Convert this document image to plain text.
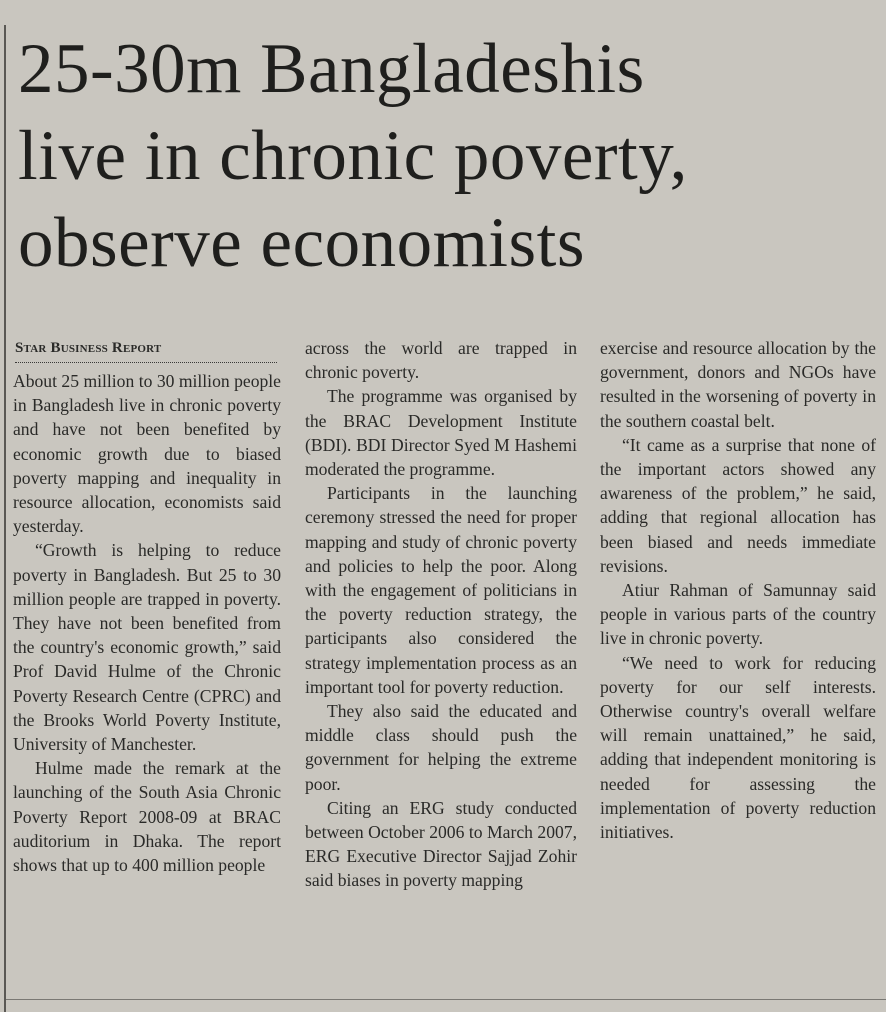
25-30m Bangladeshis
live in chronic poverty,
observe economists
Star Business Report

About 25 million to 30 million people in Bangladesh live in chronic poverty and have not been benefited by economic growth due to biased poverty mapping and inequality in resource allocation, economists said yesterday.

“Growth is helping to reduce poverty in Bangladesh. But 25 to 30 million people are trapped in poverty. They have not been benefited from the country's economic growth,” said Prof David Hulme of the Chronic Poverty Research Centre (CPRC) and the Brooks World Poverty Institute, University of Manchester.

Hulme made the remark at the launching of the South Asia Chronic Poverty Report 2008-09 at BRAC auditorium in Dhaka. The report shows that up to 400 million people

across the world are trapped in chronic poverty.

The programme was organised by the BRAC Development Institute (BDI). BDI Director Syed M Hashemi moderated the programme.

Participants in the launching ceremony stressed the need for proper mapping and study of chronic poverty and policies to help the poor. Along with the engagement of politicians in the poverty reduction strategy, the participants also considered the strategy implementation process as an important tool for poverty reduction.

They also said the educated and middle class should push the government for helping the extreme poor.

Citing an ERG study conducted between October 2006 to March 2007, ERG Executive Director Sajjad Zohir said biases in poverty mapping

exercise and resource allocation by the government, donors and NGOs have resulted in the worsening of poverty in the southern coastal belt.

“It came as a surprise that none of the important actors showed any awareness of the problem,” he said, adding that regional allocation has been biased and needs immediate revisions.

Atiur Rahman of Samunnay said people in various parts of the country live in chronic poverty.

“We need to work for reducing poverty for our self interests. Otherwise country's overall welfare will remain unattained,” he said, adding that independent monitoring is needed for assessing the implementation of poverty reduction initiatives.
